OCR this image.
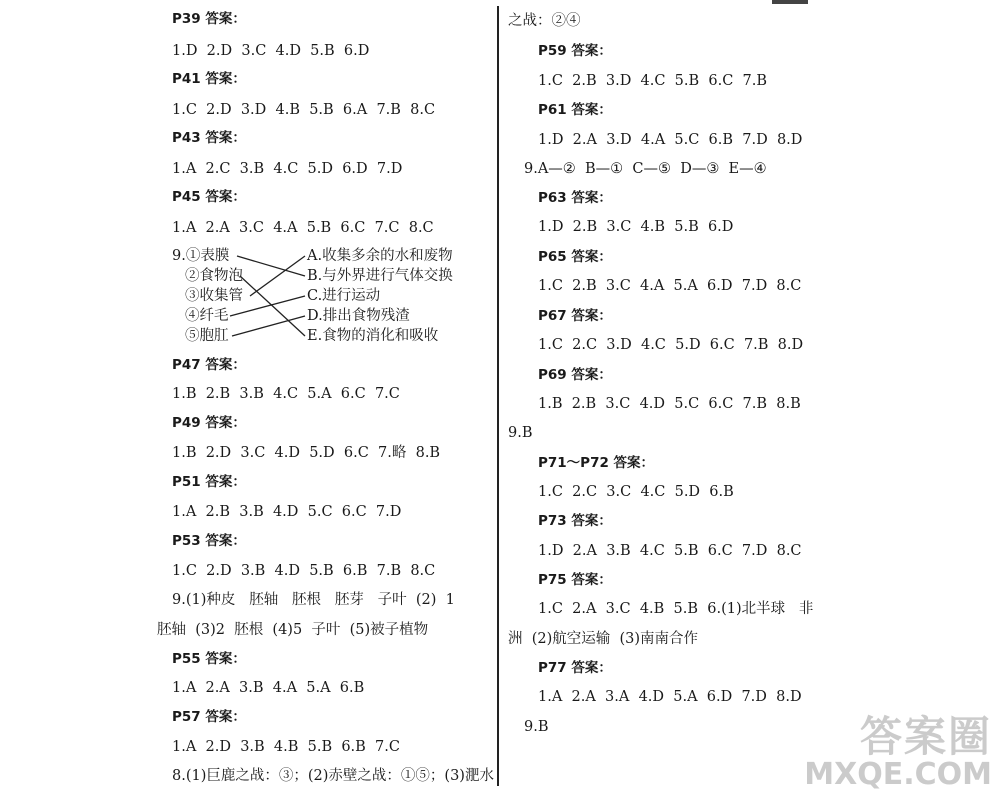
P39 答案：
1.D  2.D  3.C  4.D  5.B  6.D
P41 答案：
1.C  2.D  3.D  4.B  5.B  6.A  7.B  8.C
P43 答案：
1.A  2.C  3.B  4.C  5.D  6.D  7.D
P45 答案：
1.A  2.A  3.C  4.A  5.B  6.C  7.C  8.C
9.①表膜
②食物泡
③收集管
④纤毛
⑤胞肛
A.收集多余的水和废物
B.与外界进行气体交换
C.进行运动
D.排出食物残渣
E.食物的消化和吸收
P47 答案：
1.B  2.B  3.B  4.C  5.A  6.C  7.C
P49 答案：
1.B  2.D  3.C  4.D  5.D  6.C  7.略  8.B
P51 答案：
1.A  2.B  3.B  4.D  5.C  6.C  7.D
P53 答案：
1.C  2.D  3.B  4.D  5.B  6.B  7.B  8.C
9.(1)种皮   胚轴   胚根   胚芽   子叶  (2)  1
胚轴  (3)2  胚根  (4)5  子叶  (5)被子植物
P55 答案：
1.A  2.A  3.B  4.A  5.A  6.B
P57 答案：
1.A  2.D  3.B  4.B  5.B  6.B  7.C
8.(1)巨鹿之战：③；(2)赤壁之战：①⑤；(3)淝水
之战：②④
P59 答案：
1.C  2.B  3.D  4.C  5.B  6.C  7.B
P61 答案：
1.D  2.A  3.D  4.A  5.C  6.B  7.D  8.D
9.A—②  B—①  C—⑤  D—③  E—④
P63 答案：
1.D  2.B  3.C  4.B  5.B  6.D
P65 答案：
1.C  2.B  3.C  4.A  5.A  6.D  7.D  8.C
P67 答案：
1.C  2.C  3.D  4.C  5.D  6.C  7.B  8.D
P69 答案：
1.B  2.B  3.C  4.D  5.C  6.C  7.B  8.B
9.B
P71～P72 答案：
1.C  2.C  3.C  4.C  5.D  6.B
P73 答案：
1.D  2.A  3.B  4.C  5.B  6.C  7.D  8.C
P75 答案：
1.C  2.A  3.C  4.B  5.B  6.(1)北半球   非
洲  (2)航空运输  (3)南南合作
P77 答案：
1.A  2.A  3.A  4.D  5.A  6.D  7.D  8.D
9.B	答案圈
MXQE.COM
